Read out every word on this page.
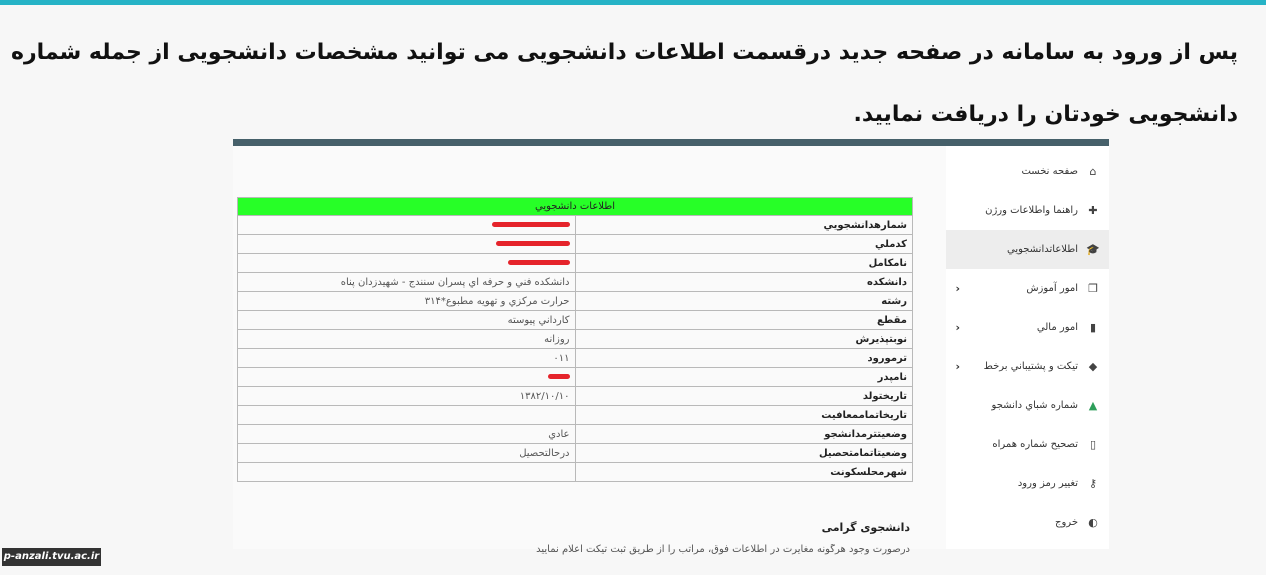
پس از ورود به سامانه در صفحه جدید درقسمت اطلاعات دانشجویی می توانید مشخصات دانشجویی از جمله شماره
دانشجویی خودتان را دریافت نمایید.
اطلاعات دانشجويي	
شمارهدانشجويي	
کدملي	
نامکامل	
دانشکده	دانشکده فني و حرفه اي پسران سنندج - شهيدزدان پناه
رشته	حرارت مرکزي و تهويه مطبوع*۳۱۴
مقطع	کارداني پيوسته
نوبتپذيرش	روزانه
ترمورود	۰۱۱
نامپدر	
تاريختولد	۱۳۸۲/۱۰/۱۰
تاريخاتماممعافيت	
وضعيتترمدانشجو	عادي
وضعيتاتمامتحصيل	درحالتحصيل
شهرمحلسکونت	
دانشجوی گرامی
درصورت وجود هرگونه مغايرت در اطلاعات فوق، مراتب را از طريق ثبت تيکت اعلام نماييد
⌂
صفحه نخست
✚
راهنما واطلاعات ورژن
🎓
اطلاعاتدانشجويي
❐
امور آموزش
‹
▮
امور مالي
‹
◆
تيکت و پشتيباني برخط
‹
▲
شماره شباي دانشجو
▯
تصحيح شماره همراه
⚷
تغيير رمز ورود
◐
خروج
p-anzali.tvu.ac.ir
